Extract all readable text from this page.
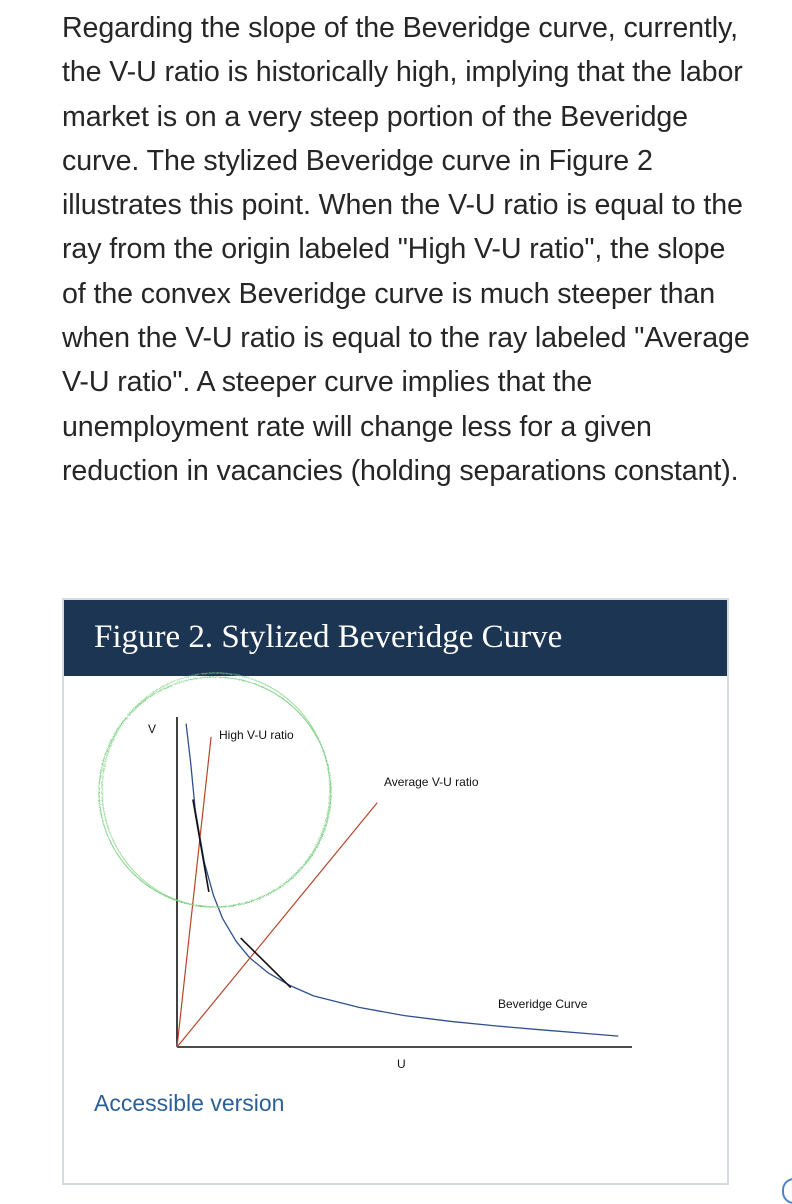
Regarding the slope of the Beveridge curve, currently, the V-U ratio is historically high, implying that the labor market is on a very steep portion of the Beveridge curve. The stylized Beveridge curve in Figure 2 illustrates this point. When the V-U ratio is equal to the ray from the origin labeled "High V-U ratio", the slope of the convex Beveridge curve is much steeper than when the V-U ratio is equal to the ray labeled "Average V-U ratio". A steeper curve implies that the unemployment rate will change less for a given reduction in vacancies (holding separations constant).

Figure 2. Stylized Beveridge Curve
V
U
High V-U ratio
Average V-U ratio
Beveridge Curve
Accessible version
